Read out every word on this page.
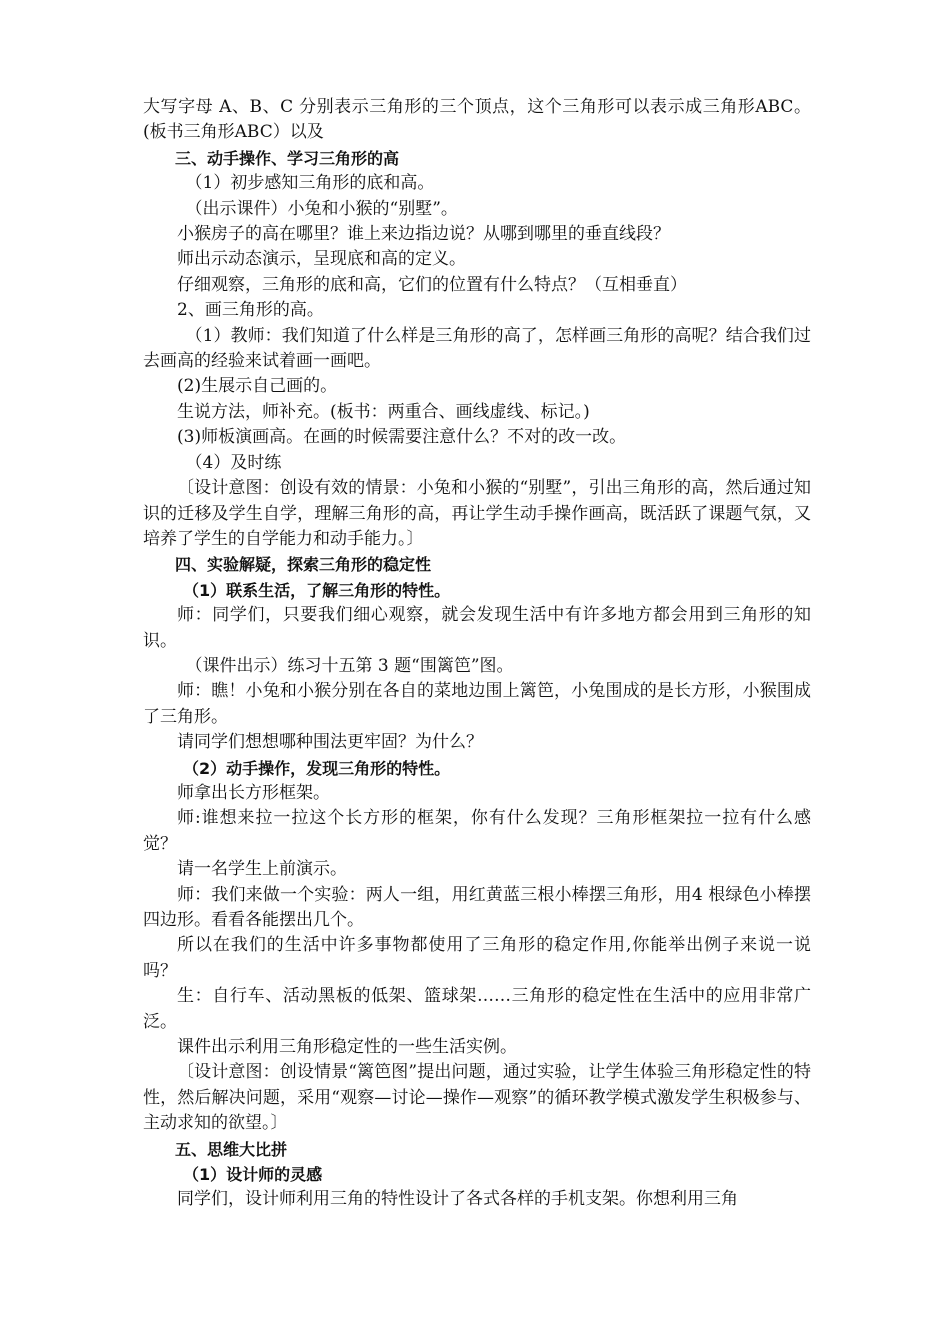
大写字母 A、B、C 分别表示三角形的三个顶点，这个三角形可以表示成三角形ABC。(板书三角形ABC）以及

三、动手操作、学习三角形的高

（1）初步感知三角形的底和高。

（出示课件）小兔和小猴的“别墅”。

小猴房子的高在哪里？谁上来边指边说？从哪到哪里的垂直线段？

师出示动态演示，呈现底和高的定义。

仔细观察，三角形的底和高，它们的位置有什么特点？（互相垂直）

2、画三角形的高。

（1）教师：我们知道了什么样是三角形的高了，怎样画三角形的高呢？结合我们过去画高的经验来试着画一画吧。

(2)生展示自己画的。

生说方法，师补充。(板书：两重合、画线虚线、标记。)

(3)师板演画高。在画的时候需要注意什么？不对的改一改。

（4）及时练

〔设计意图：创设有效的情景：小兔和小猴的“别墅”，引出三角形的高，然后通过知识的迁移及学生自学，理解三角形的高，再让学生动手操作画高，既活跃了课题气氛，又培养了学生的自学能力和动手能力。〕

四、实验解疑，探索三角形的稳定性

（1）联系生活，了解三角形的特性。

师：同学们，只要我们细心观察，就会发现生活中有许多地方都会用到三角形的知识。

（课件出示）练习十五第 3 题“围篱笆”图。

师：瞧！小兔和小猴分别在各自的菜地边围上篱笆，小兔围成的是长方形，小猴围成了三角形。

请同学们想想哪种围法更牢固？为什么？

（2）动手操作，发现三角形的特性。

师拿出长方形框架。

师:谁想来拉一拉这个长方形的框架，你有什么发现？三角形框架拉一拉有什么感觉？

请一名学生上前演示。

师：我们来做一个实验：两人一组，用红黄蓝三根小棒摆三角形，用4 根绿色小棒摆四边形。看看各能摆出几个。

所以在我们的生活中许多事物都使用了三角形的稳定作用,你能举出例子来说一说吗？

生：自行车、活动黑板的低架、篮球架……三角形的稳定性在生活中的应用非常广泛。

课件出示利用三角形稳定性的一些生活实例。

〔设计意图：创设情景“篱笆图”提出问题，通过实验，让学生体验三角形稳定性的特性，然后解决问题，采用“观察—讨论—操作—观察”的循环教学模式激发学生积极参与、主动求知的欲望。〕

五、思维大比拼

（1）设计师的灵感

同学们，设计师利用三角的特性设计了各式各样的手机支架。你想利用三角
